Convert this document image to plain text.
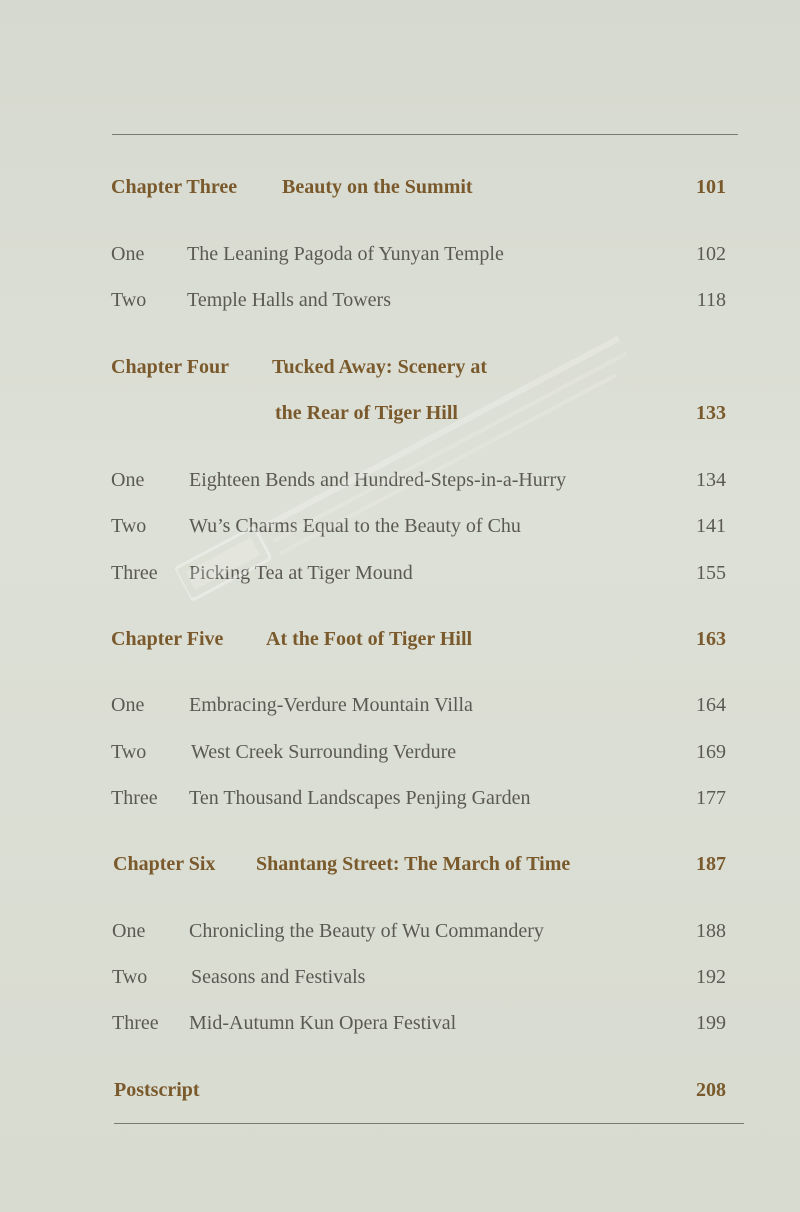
Chapter Three Beauty on the Summit	101
One The Leaning Pagoda of Yunyan Temple	102
Two Temple Halls and Towers	118
Chapter Four Tucked Away: Scenery at
the Rear of Tiger Hill	133
One Eighteen Bends and Hundred-Steps-in-a-Hurry	134
Two Wu’s Charms Equal to the Beauty of Chu	141
Three Picking Tea at Tiger Mound	155
Chapter Five At the Foot of Tiger Hill	163
One Embracing-Verdure Mountain Villa	164
Two West Creek Surrounding Verdure	169
Three Ten Thousand Landscapes Penjing Garden	177
Chapter Six Shantang Street: The March of Time	187
One Chronicling the Beauty of Wu Commandery	188
Two Seasons and Festivals	192
Three Mid-Autumn Kun Opera Festival	199
Postscript	208
